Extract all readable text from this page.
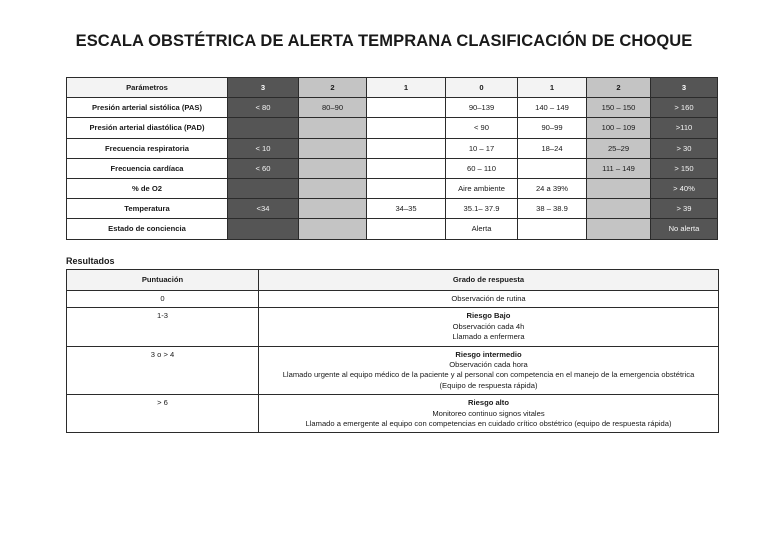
ESCALA OBSTÉTRICA DE ALERTA TEMPRANA CLASIFICACIÓN DE CHOQUE
Parámetros	3	2	1	0	1	2	3
Presión arterial sistólica (PAS)	< 80	80–90		90–139	140 – 149	150 – 150	> 160
Presión arterial diastólica (PAD)				< 90	90–99	100 – 109	>110
Frecuencia respiratoria	< 10			10 – 17	18–24	25–29	> 30
Frecuencia cardíaca	< 60			60 – 110		111 – 149	> 150
% de O2				Aire ambiente	24 a 39%		> 40%
Temperatura	<34		34–35	35.1– 37.9	38 – 38.9		> 39
Estado de conciencia				Alerta			No alerta
Resultados
Puntuación	Grado de respuesta
0	Observación de rutina

1-3	Riesgo Bajo
Observación cada 4h
Llamado a enfermera

3 o > 4	Riesgo intermedio
Observación cada hora
Llamado urgente al equipo médico de la paciente y al personal con competencia en el manejo de la emergencia obstétrica
(Equipo de respuesta rápida)

> 6	Riesgo alto
Monitoreo continuo signos vitales
Llamado a emergente al equipo con competencias en cuidado crítico obstétrico (equipo de respuesta rápida)
